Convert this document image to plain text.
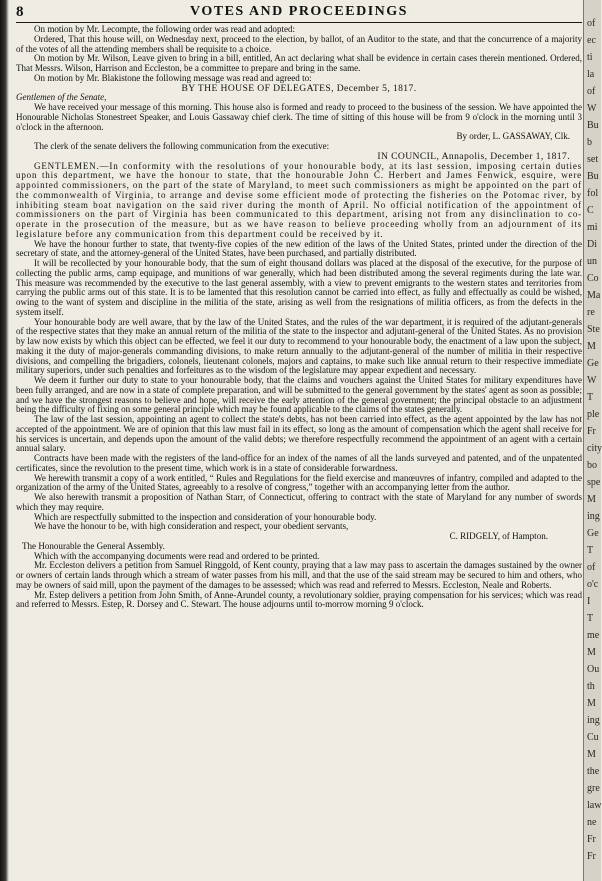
8	VOTES AND PROCEEDINGS

On motion by Mr. Lecompte, the following order was read and adopted:

Ordered, That this house will, on Wednesday next, proceed to the election, by ballot, of an Auditor to the state, and that the concurrence of a majority of the votes of all the attending members shall be requisite to a choice.

On motion by Mr. Wilson, Leave given to bring in a bill, entitled, An act declaring what shall be evidence in certain cases therein mentioned. Ordered, That Messrs. Wilson, Harrison and Eccleston, be a committee to prepare and bring in the same.

On motion by Mr. Blakistone the following message was read and agreed to:

BY THE HOUSE OF DELEGATES, December 5, 1817.

Gentlemen of the Senate,

We have received your message of this morning. This house also is formed and ready to proceed to the business of the session. We have appointed the Honourable Nicholas Stonestreet Speaker, and Louis Gassaway chief clerk. The time of sitting of this house will be from 9 o'clock in the morning until 3 o'clock in the afternoon.

By order, L. GASSAWAY, Clk.

The clerk of the senate delivers the following communication from the executive:

IN COUNCIL, Annapolis, December 1, 1817.

GENTLEMEN.—In conformity with the resolutions of your honourable body, at its last session, imposing certain duties upon this department, we have the honour to state, that the honourable John C. Herbert and James Fenwick, esquire, were appointed commissioners, on the part of the state of Maryland, to meet such commissioners as might be appointed on the part of the commonwealth of Virginia, to arrange and devise some efficient mode of protecting the fisheries on the Potomac river, by inhibiting steam boat navigation on the said river during the month of April. No official notification of the appointment of commissioners on the part of Virginia has been communicated to this department, arising not from any disinclination to co-operate in the prosecution of the measure, but as we have reason to believe proceeding wholly from an adjournment of its legislature before any communication from this department could be received by it.

We have the honour further to state, that twenty-five copies of the new edition of the laws of the United States, printed under the direction of the secretary of state, and the attorney-general of the United States, have been purchased, and partially distributed.

It will be recollected by your honourable body, that the sum of eight thousand dollars was placed at the disposal of the executive, for the purpose of collecting the public arms, camp equipage, and munitions of war generally, which had been distributed among the several regiments during the late war. This measure was recommended by the executive to the last general assembly, with a view to prevent emigrants to the western states and territories from carrying the public arms out of this state. It is to be lamented that this resolution cannot be carried into effect, as fully and effectually as could be wished, owing to the want of system and discipline in the militia of the state, arising as well from the resignations of militia officers, as from the defects in the system itself.

Your honourable body are well aware, that by the law of the United States, and the rules of the war department, it is required of the adjutant-generals of the respective states that they make an annual return of the militia of the state to the inspector and adjutant-general of the United States. As no provision by law now exists by which this object can be effected, we feel it our duty to recommend to your honourable body, the enactment of a law upon the subject, making it the duty of major-generals commanding divisions, to make return annually to the adjutant-general of the number of militia in their respective divisions, and compelling the brigadiers, colonels, lieutenant colonels, majors and captains, to make such like annual return to their respective immediate military superiors, under such penalties and forfeitures as to the wisdom of the legislature may appear expedient and necessary.

We deem it further our duty to state to your honourable body, that the claims and vouchers against the United States for military expenditures have been fully arranged, and are now in a state of complete preparation, and will be submitted to the general government by the states' agent as soon as possible; and we have the strongest reasons to believe and hope, will receive the early attention of the general government; the principal obstacle to an adjustment being the difficulty of fixing on some general principle which may be found applicable to the claims of the states generally.

The law of the last session, appointing an agent to collect the state's debts, has not been carried into effect, as the agent appointed by the law has not accepted of the appointment. We are of opinion that this law must fail in its effect, so long as the amount of compensation which the agent shall receive for his services is uncertain, and depends upon the amount of the valid debts; we therefore respectfully recommend the appointment of an agent with a certain annual salary.

Contracts have been made with the registers of the land-office for an index of the names of all the lands surveyed and patented, and of the unpatented certificates, since the revolution to the present time, which work is in a state of considerable forwardness.

We herewith transmit a copy of a work entitled, “ Rules and Regulations for the field exercise and manœuvres of infantry, compiled and adapted to the organization of the army of the United States, agreeably to a resolve of congress,” together with an accompanying letter from the author.

We also herewith transmit a proposition of Nathan Starr, of Connecticut, offering to contract with the state of Maryland for any number of swords which they may require.

Which are respectfully submitted to the inspection and consideration of your honourable body.

We have the honour to be, with high consideration and respect, your obedient servants,

C. RIDGELY, of Hampton.

The Honourable the General Assembly.

Which with the accompanying documents were read and ordered to be printed.

Mr. Eccleston delivers a petition from Samuel Ringgold, of Kent county, praying that a law may pass to ascertain the damages sustained by the owner or owners of certain lands through which a stream of water passes from his mill, and that the use of the said stream may be secured to him and others, who may be owners of said mill, upon the payment of the damages to be assessed; which was read and referred to Messrs. Eccleston, Neale and Roberts.

Mr. Estep delivers a petition from John Smith, of Anne-Arundel county, a revolutionary soldier, praying compensation for his services; which was read and referred to Messrs. Estep, R. Dorsey and C. Stewart. The house adjourns until to-morrow morning 9 o'clock.

of
ec
ti
la
of
W
Bu
b
set
Bu
fol
C
mi
Di
un
Co
Ma
re
Ste
M
Ge
W
T
ple
Fr
city
bo
spe
M
ing
Ge
T
of
o'c
I
T
me
M
Ou
th
M
ing
Cu
M
the
gre
law
ne
Fr
Fr
